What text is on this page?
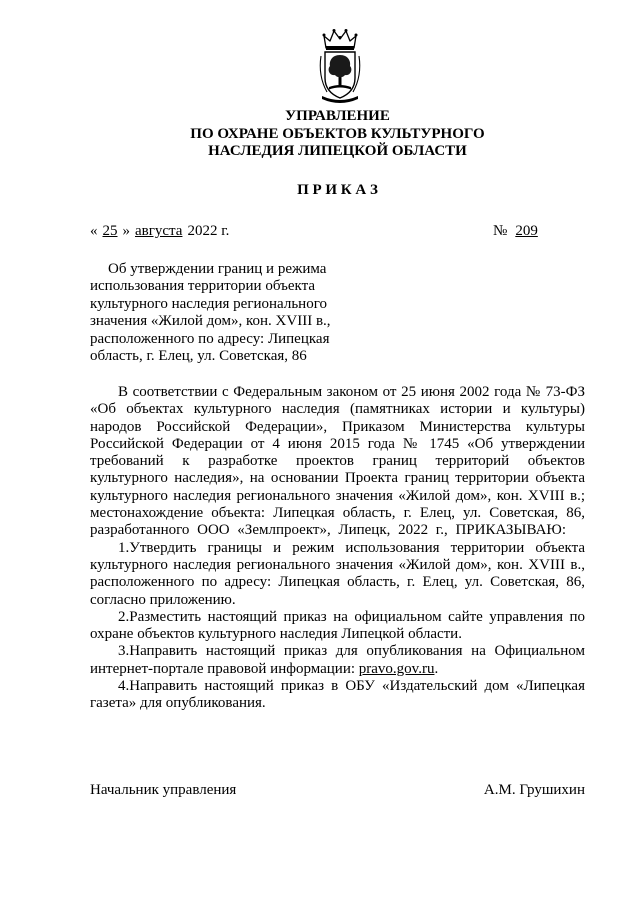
УПРАВЛЕНИЕ
ПО ОХРАНЕ ОБЪЕКТОВ КУЛЬТУРНОГО
НАСЛЕДИЯ ЛИПЕЦКОЙ ОБЛАСТИ
П Р И К А З
« 25 » августа 2022 г.	№ 209
Об утверждении границ и режима
использования территории объекта
культурного наследия регионального
значения «Жилой дом», кон. XVIII в.,
расположенного по адресу: Липецкая
область, г. Елец, ул. Советская, 86
В соответствии с Федеральным законом от 25 июня 2002 года № 73-ФЗ
«Об объектах культурного наследия (памятниках истории и культуры)
народов Российской Федерации», Приказом Министерства культуры
Российской Федерации от 4 июня 2015 года № 1745 «Об утверждении
требований к разработке проектов границ территорий объектов
культурного наследия», на основании Проекта границ территории объекта
культурного наследия регионального значения «Жилой дом», кон. XVIII в.;
местонахождение объекта: Липецкая область, г. Елец, ул. Советская, 86,
разработанного ООО «Землпроект», Липецк, 2022 г., ПРИКАЗЫВАЮ:
1.Утвердить границы и режим использования территории объекта
культурного наследия регионального значения «Жилой дом», кон. XVIII в.,
расположенного по адресу: Липецкая область, г. Елец, ул. Советская, 86,
согласно приложению.
2.Разместить настоящий приказ на официальном сайте управления по
охране объектов культурного наследия Липецкой области.
3.Направить настоящий приказ для опубликования на Официальном
интернет-портале правовой информации: pravo.gov.ru.
4.Направить настоящий приказ в ОБУ «Издательский дом «Липецкая
газета» для опубликования.
Начальник управления	А.М. Грушихин
